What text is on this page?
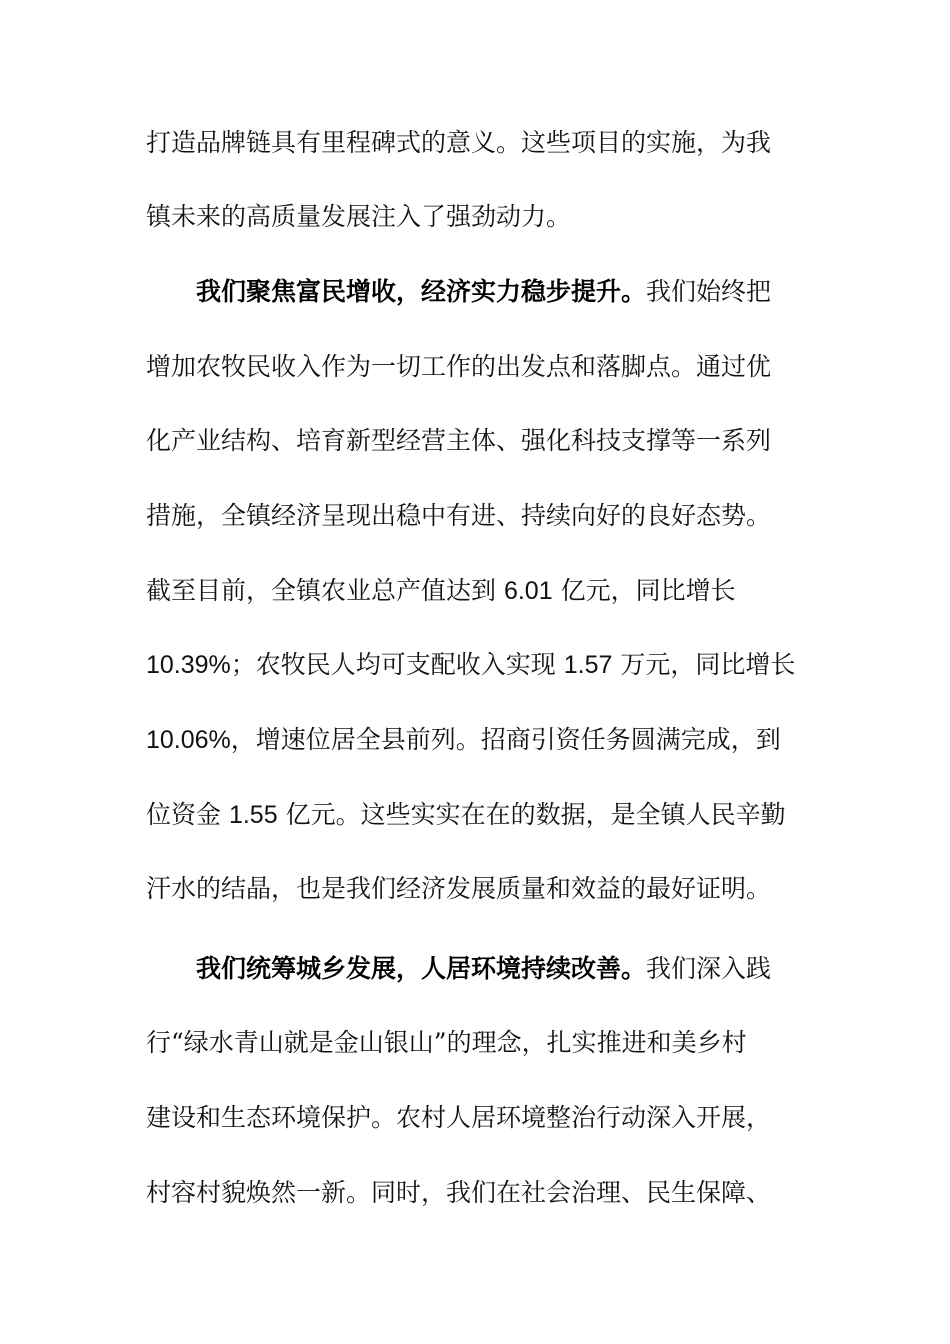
打造品牌链具有里程碑式的意义。这些项目的实施，为我
镇未来的高质量发展注入了强劲动力。
我们聚焦富民增收，经济实力稳步提升。我们始终把
增加农牧民收入作为一切工作的出发点和落脚点。通过优
化产业结构、培育新型经营主体、强化科技支撑等一系列
措施，全镇经济呈现出稳中有进、持续向好的良好态势。
截至目前，全镇农业总产值达到 6.01 亿元，同比增长
10.39%；农牧民人均可支配收入实现 1.57 万元，同比增长
10.06%，增速位居全县前列。招商引资任务圆满完成，到
位资金 1.55 亿元。这些实实在在的数据，是全镇人民辛勤
汗水的结晶，也是我们经济发展质量和效益的最好证明。
我们统筹城乡发展，人居环境持续改善。我们深入践
行“绿水青山就是金山银山”的理念，扎实推进和美乡村
建设和生态环境保护。农村人居环境整治行动深入开展，
村容村貌焕然一新。同时，我们在社会治理、民生保障、
